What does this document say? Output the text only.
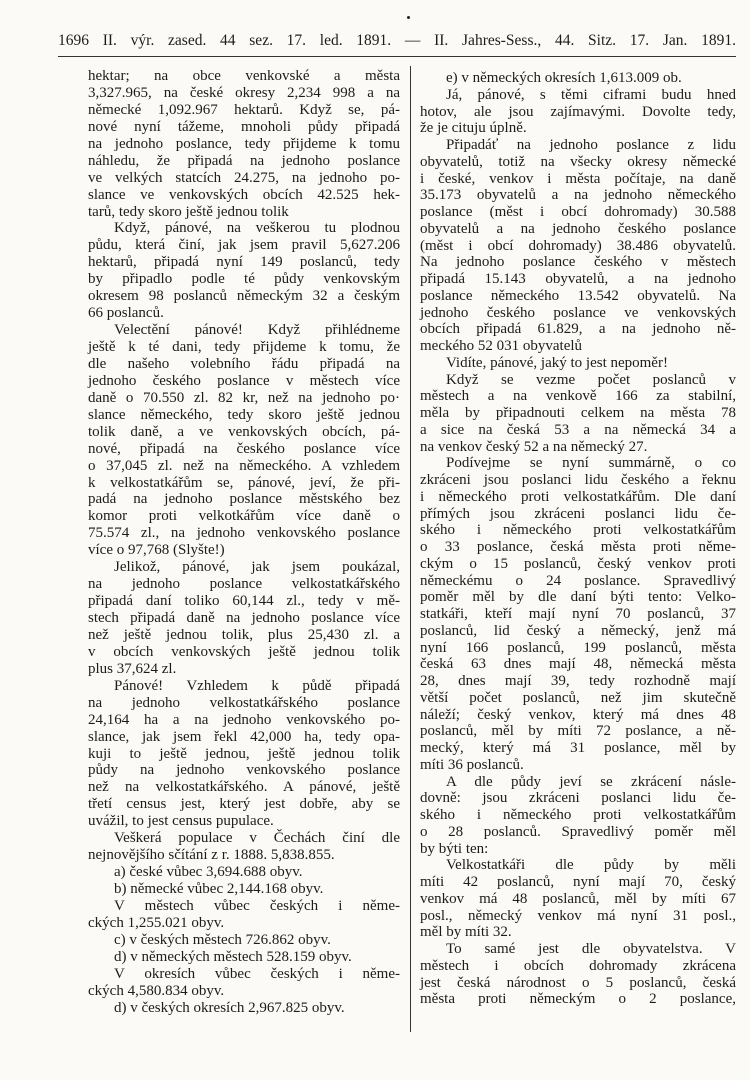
1696 II. výr. zased. 44 sez. 17. led. 1891. — II. Jahres-Sess., 44. Sitz. 17. Jan. 1891.
hektar; na obce venkovské a města
3,327.965, na české okresy 2,234 998 a na
německé 1,092.967 hektarů. Když se, pá-
nové nyní tážeme, mnoholi půdy připadá
na jednoho poslance, tedy přijdeme k tomu
náhledu, že připadá na jednoho poslance
ve velkých statcích 24.275, na jednoho po-
slance ve venkovských obcích 42.525 hek-
tarů, tedy skoro ještě jednou tolik
Když, pánové, na veškerou tu plodnou
půdu, která činí, jak jsem pravil 5,627.206
hektarů, připadá nyní 149 poslanců, tedy
by připadlo podle té půdy venkovským
okresem 98 poslanců německým 32 a českým
66 poslanců.
Velectění pánové! Když přihlédneme
ještě k té dani, tedy přijdeme k tomu, že
dle našeho volebního řádu připadá na
jednoho českého poslance v městech více
daně o 70.550 zl. 82 kr, než na jednoho po·
slance německého, tedy skoro ještě jednou
tolik daně, a ve venkovských obcích, pá-
nové, připadá na českého poslance více
o 37,045 zl. než na německého. A vzhledem
k velkostatkářům se, pánové, jeví, že při-
padá na jednoho poslance městského bez
komor proti velkotkářům více daně o
75.574 zl., na jednoho venkovského poslance
více o 97,768 (Slyšte!)
Jelikož, pánové, jak jsem poukázal,
na jednoho poslance velkostatkářského
připadá daní toliko 60,144 zl., tedy v mě-
stech připadá daně na jednoho poslance více
než ještě jednou tolik, plus 25,430 zl. a
v obcích venkovských ještě jednou tolik
plus 37,624 zl.
Pánové! Vzhledem k půdě připadá
na jednoho velkostatkářského poslance
24,164 ha a na jednoho venkovského po-
slance, jak jsem řekl 42,000 ha, tedy opa-
kuji to ještě jednou, ještě jednou tolik
půdy na jednoho venkovského poslance
než na velkostatkářského. A pánové, ještě
třetí census jest, který jest dobře, aby se
uvážil, to jest census pupulace.
Veškerá populace v Čechách činí dle
nejnovějšího sčítání z r. 1888. 5,838.855.
a) české vůbec 3,694.688 obyv.
b) německé vůbec 2,144.168 obyv.
V městech vůbec českých i něme-
ckých 1,255.021 obyv.
c) v českých městech 726.862 obyv.
d) v německých městech 528.159 obyv.
V okresích vůbec českých i něme-
ckých 4,580.834 obyv.
d) v českých okresích 2,967.825 obyv.
e) v německých okresích 1,613.009 ob.
Já, pánové, s těmi ciframi budu hned
hotov, ale jsou zajímavými. Dovolte tedy,
že je cituju úplně.
Připadáť na jednoho poslance z lidu
obyvatelů, totiž na všecky okresy německé
i české, venkov i města počítaje, na daně
35.173 obyvatelů a na jednoho německého
poslance (měst i obcí dohromady) 30.588
obyvatelů a na jednoho českého poslance
(měst i obcí dohromady) 38.486 obyvatelů.
Na jednoho poslance českého v městech
připadá 15.143 obyvatelů, a na jednoho
poslance německého 13.542 obyvatelů. Na
jednoho českého poslance ve venkovských
obcích připadá 61.829, a na jednoho ně-
meckého 52 031 obyvatelů
Vidíte, pánové, jaký to jest nepoměr!
Když se vezme počet poslanců v
městech a na venkově 166 za stabilní,
měla by připadnouti celkem na města 78
a sice na česká 53 a na německá 34 a
na venkov český 52 a na německý 27.
Podívejme se nyní summárně, o co
zkráceni jsou poslanci lidu českého a řeknu
i německého proti velkostatkářům. Dle daní
přímých jsou zkráceni poslanci lidu če-
ského i německého proti velkostatkářům
o 33 poslance, česká města proti něme-
ckým o 15 poslanců, český venkov proti
německému o 24 poslance. Spravedlivý
poměr měl by dle daní býti tento: Velko-
statkáři, kteří mají nyní 70 poslanců, 37
poslanců, lid český a německý, jenž má
nyní 166 poslanců, 199 poslanců, města
česká 63 dnes mají 48, německá města
28, dnes mají 39, tedy rozhodně mají
větší počet poslanců, než jim skutečně
náleží; český venkov, který má dnes 48
poslanců, měl by míti 72 poslance, a ně-
mecký, který má 31 poslance, měl by
míti 36 poslanců.
A dle půdy jeví se zkrácení násle-
dovně: jsou zkráceni poslanci lidu če-
ského i německého proti velkostatkářům
o 28 poslanců. Spravedlivý poměr měl
by býti ten:
Velkostatkáři dle půdy by měli
míti 42 poslanců, nyní mají 70, český
venkov má 48 poslanců, měl by míti 67
posl., německý venkov má nyní 31 posl.,
měl by míti 32.
To samé jest dle obyvatelstva. V
městech i obcích dohromady zkrácena
jest česká národnost o 5 poslanců, česká
města proti německým o 2 poslance,
